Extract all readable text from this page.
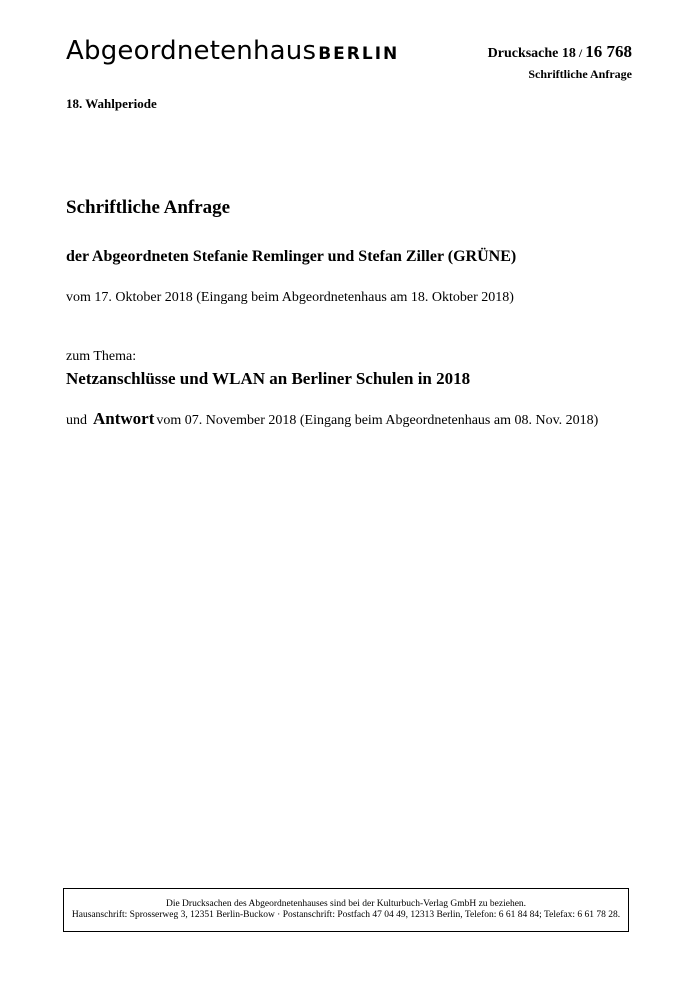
Abgeordnetenhaus BERLIN	Drucksache 18 / 16 768
Schriftliche Anfrage
18. Wahlperiode
Schriftliche Anfrage
der Abgeordneten Stefanie Remlinger und Stefan Ziller (GRÜNE)
vom 17. Oktober 2018 (Eingang beim Abgeordnetenhaus am 18. Oktober 2018)
zum Thema:
Netzanschlüsse und WLAN an Berliner Schulen in 2018
und Antwort vom 07. November 2018 (Eingang beim Abgeordnetenhaus am 08. Nov. 2018)
Die Drucksachen des Abgeordnetenhauses sind bei der Kulturbuch-Verlag GmbH zu beziehen.
Hausanschrift: Sprosserweg 3, 12351 Berlin-Buckow · Postanschrift: Postfach 47 04 49, 12313 Berlin, Telefon: 6 61 84 84; Telefax: 6 61 78 28.
